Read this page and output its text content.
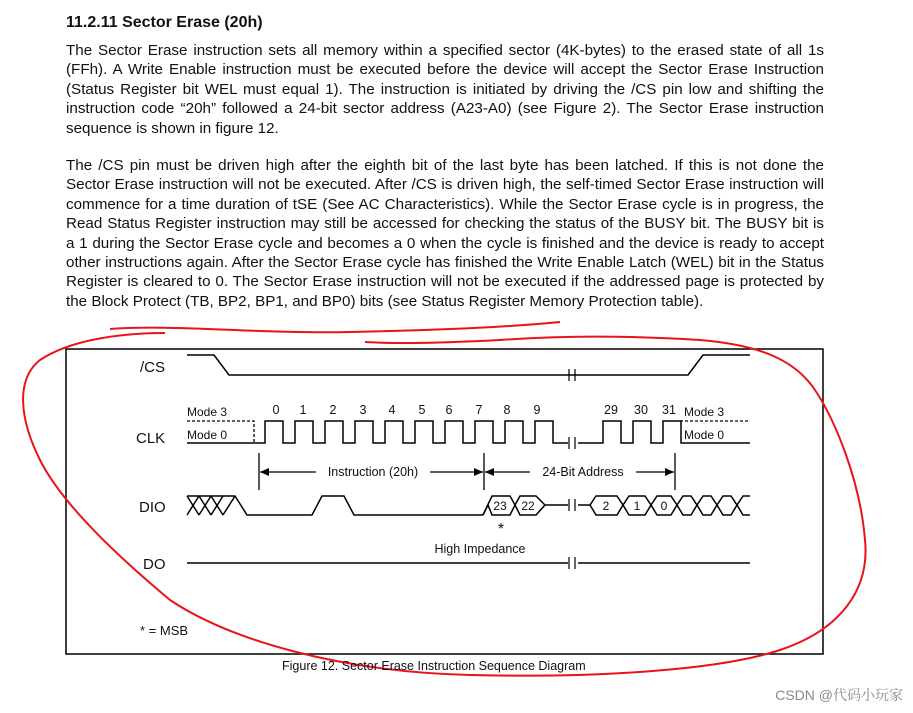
11.2.11 Sector Erase (20h)
The Sector Erase instruction sets all memory within a specified sector (4K-bytes) to the erased state of all 1s (FFh). A Write Enable instruction must be executed before the device will accept the Sector Erase Instruction (Status Register bit WEL must equal 1). The instruction is initiated by driving the /CS pin low and shifting the instruction code “20h” followed a 24-bit sector address (A23-A0) (see Figure 2). The Sector Erase instruction sequence is shown in figure 12.
The /CS pin must be driven high after the eighth bit of the last byte has been latched. If this is not done the Sector Erase instruction will not be executed. After /CS is driven high, the self-timed Sector Erase instruction will commence for a time duration of tSE (See AC Characteristics). While the Sector Erase cycle is in progress, the Read Status Register instruction may still be accessed for checking the status of the BUSY bit. The BUSY bit is a 1 during the Sector Erase cycle and becomes a 0 when the cycle is finished and the device is ready to accept other instructions again. After the Sector Erase cycle has finished the Write Enable Latch (WEL) bit in the Status Register is cleared to 0. The Sector Erase instruction will not be executed if the addressed page is protected by the Block Protect (TB, BP2, BP1, and BP0) bits (see Status Register Memory Protection table).
/CS
CLK
DIO
DO
Mode 3
Mode 0
Mode 3
Mode 0
0 1 2 3 4 5 6 7 8 9	29 30 31
Instruction (20h)	24-Bit Address
23 22	2 1 0
*
High Impedance
* = MSB
Figure 12. Sector Erase Instruction Sequence Diagram
CSDN @代码小玩家
